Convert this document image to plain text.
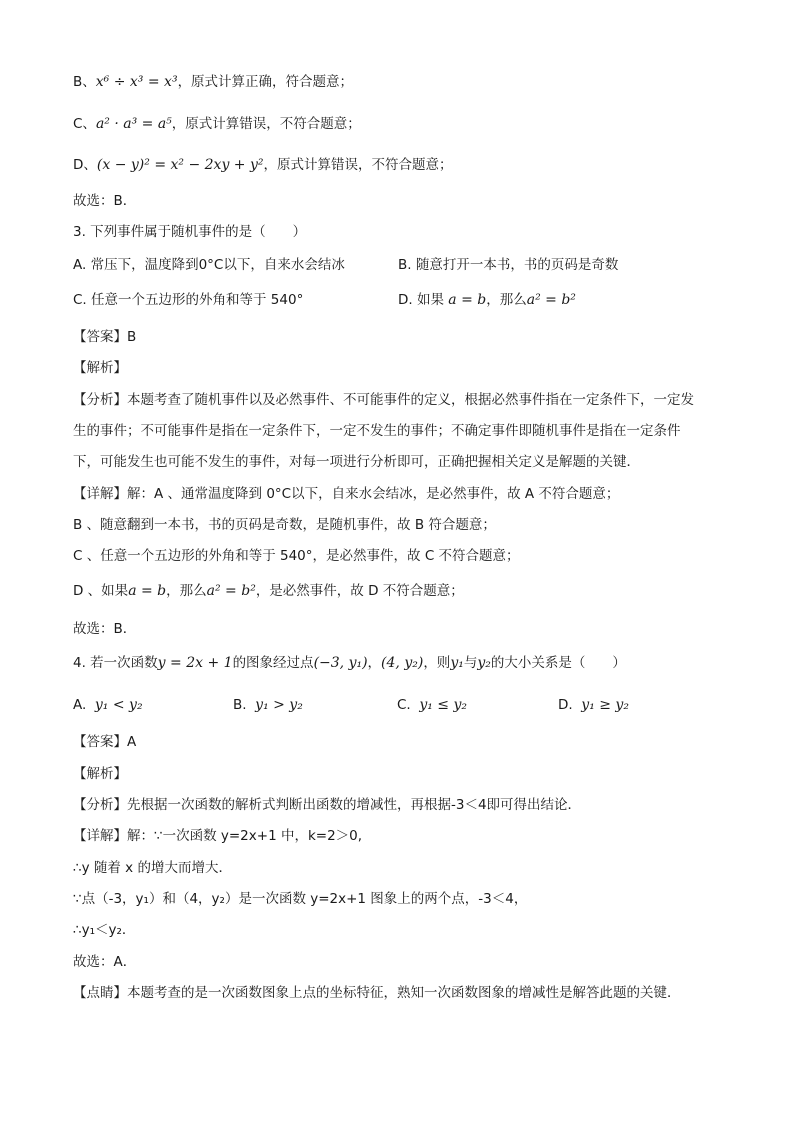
B、x⁶ ÷ x³ = x³，原式计算正确，符合题意；
C、a² · a³ = a⁵，原式计算错误，不符合题意；
D、(x − y)² = x² − 2xy + y²，原式计算错误，不符合题意；
故选：B．
3. 下列事件属于随机事件的是（　　）
A. 常压下，温度降到0°C以下，自来水会结冰	B. 随意打开一本书，书的页码是奇数
C. 任意一个五边形的外角和等于 540°	D. 如果 a = b，那么a² = b²
【答案】B
【解析】
【分析】本题考查了随机事件以及必然事件、不可能事件的定义，根据必然事件指在一定条件下，一定发
生的事件；不可能事件是指在一定条件下，一定不发生的事件；不确定事件即随机事件是指在一定条件
下，可能发生也可能不发生的事件，对每一项进行分析即可，正确把握相关定义是解题的关键．
【详解】解：A 、通常温度降到 0°C以下，自来水会结冰，是必然事件，故 A 不符合题意；
B 、随意翻到一本书，书的页码是奇数，是随机事件，故 B 符合题意；
C 、任意一个五边形的外角和等于 540°，是必然事件，故 C 不符合题意；
D 、如果a = b，那么a² = b²，是必然事件，故 D 不符合题意；
故选：B．
4. 若一次函数y = 2x + 1的图象经过点(−3, y₁)，(4, y₂)，则y₁与y₂的大小关系是（　　）
A. y₁ < y₂	B. y₁ > y₂	C. y₁ ≤ y₂	D. y₁ ≥ y₂
【答案】A
【解析】
【分析】先根据一次函数的解析式判断出函数的增减性，再根据-3＜4即可得出结论．
【详解】解：∵一次函数 y=2x+1 中，k=2＞0,
∴y 随着 x 的增大而增大．
∵点（-3，y₁）和（4，y₂）是一次函数 y=2x+1 图象上的两个点，-3＜4，
∴y₁＜y₂．
故选：A．
【点睛】本题考查的是一次函数图象上点的坐标特征，熟知一次函数图象的增减性是解答此题的关键．
